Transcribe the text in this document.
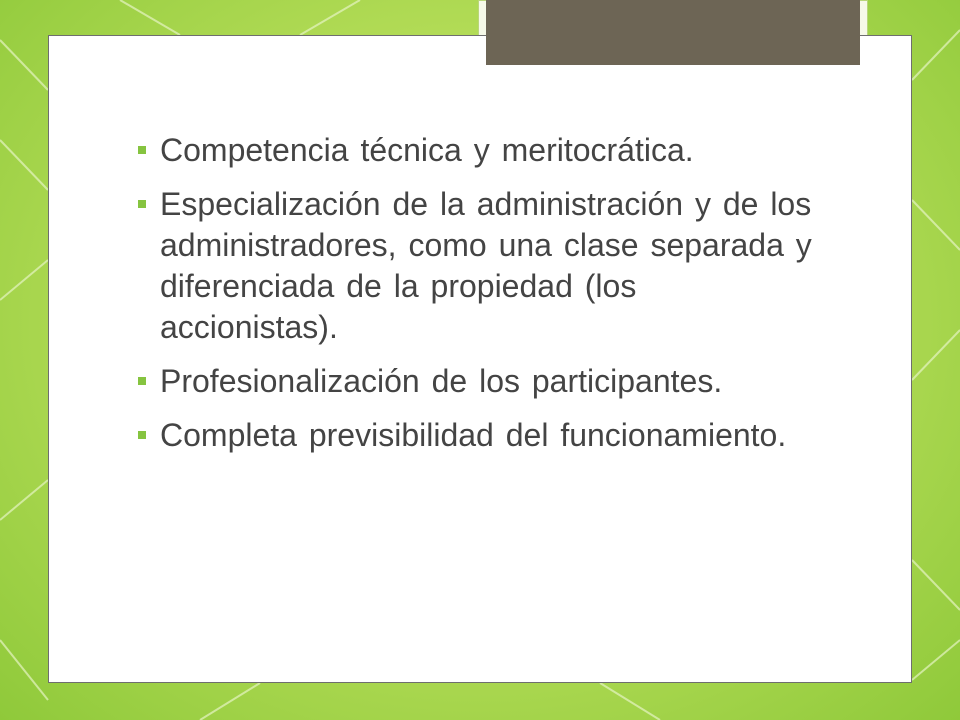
Competencia técnica y meritocrática.
Especialización de la administración y de los administradores, como una clase separada y diferenciada de la propiedad (los accionistas).
Profesionalización de los participantes.
Completa previsibilidad del funcionamiento.
